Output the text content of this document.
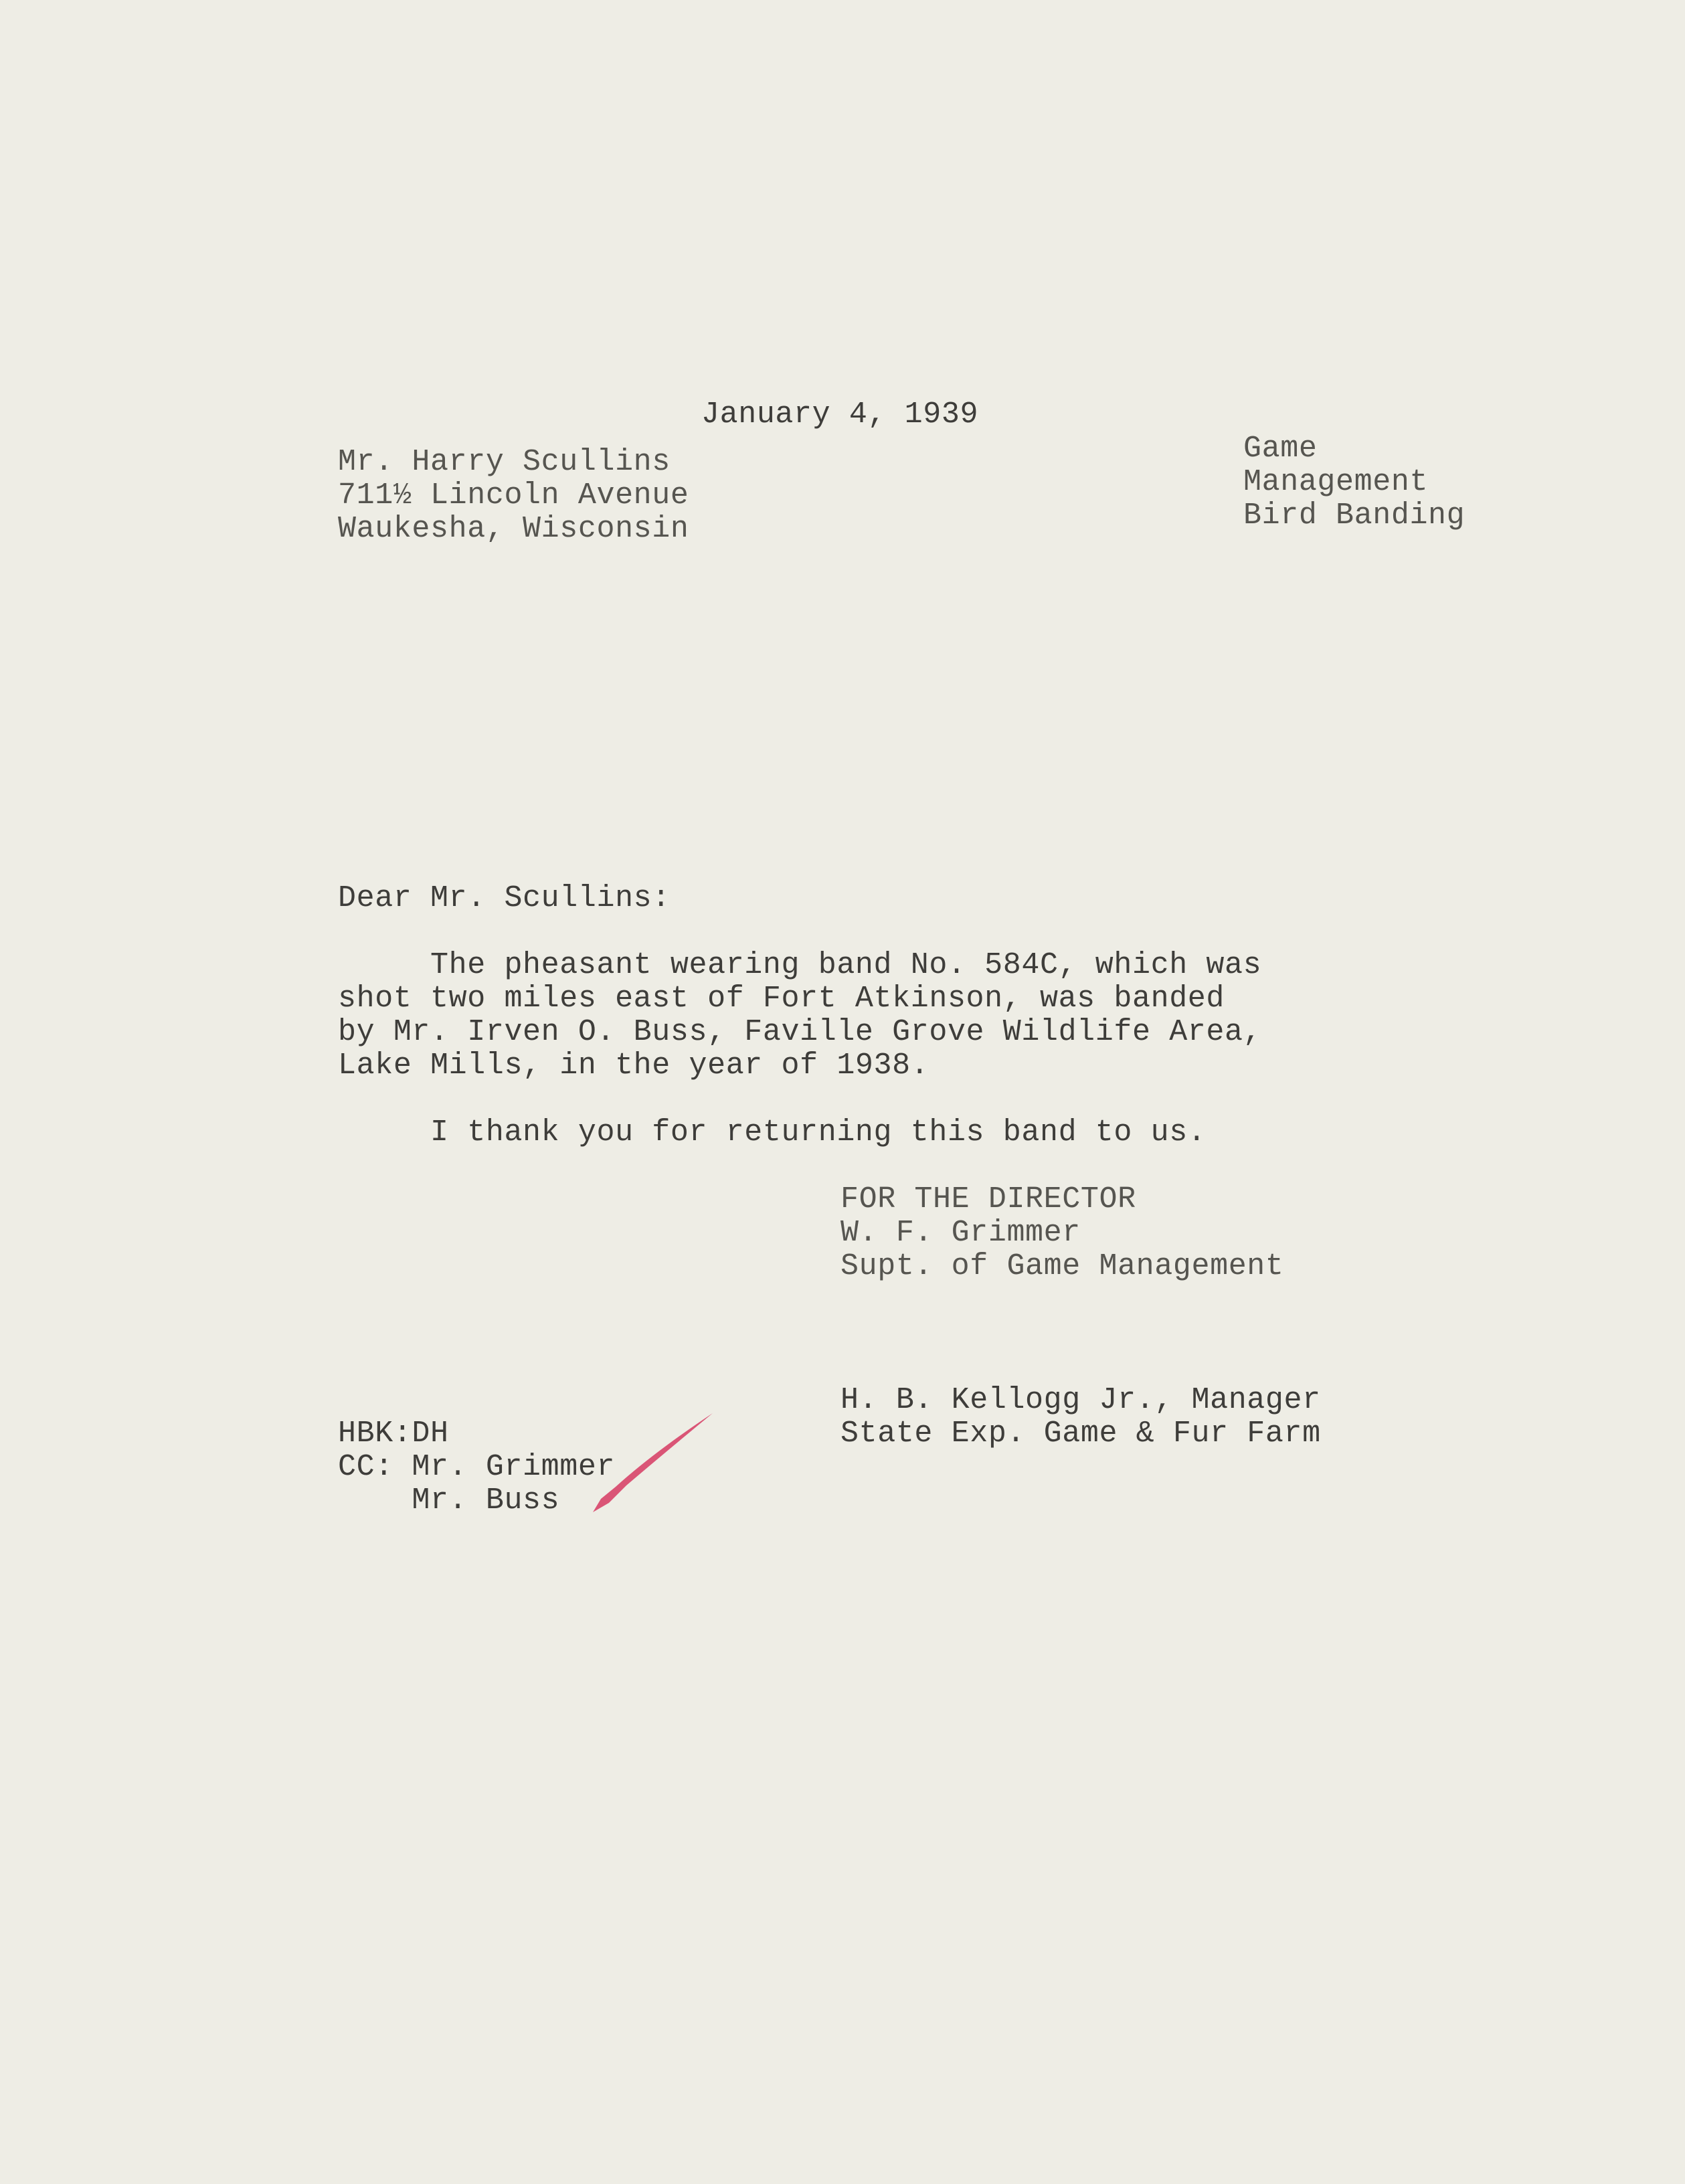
January 4, 1939
Mr. Harry Scullins
711½ Lincoln Avenue
Waukesha, Wisconsin
Game
Management
Bird Banding
Dear Mr. Scullins:
The pheasant wearing band No. 584C, which was
shot two miles east of Fort Atkinson, was banded
by Mr. Irven O. Buss, Faville Grove Wildlife Area,
Lake Mills, in the year of 1938.
I thank you for returning this band to us.
FOR THE DIRECTOR
W. F. Grimmer
Supt. of Game Management
H. B. Kellogg Jr., Manager
State Exp. Game & Fur Farm
HBK:DH
CC: Mr. Grimmer
Mr. Buss
